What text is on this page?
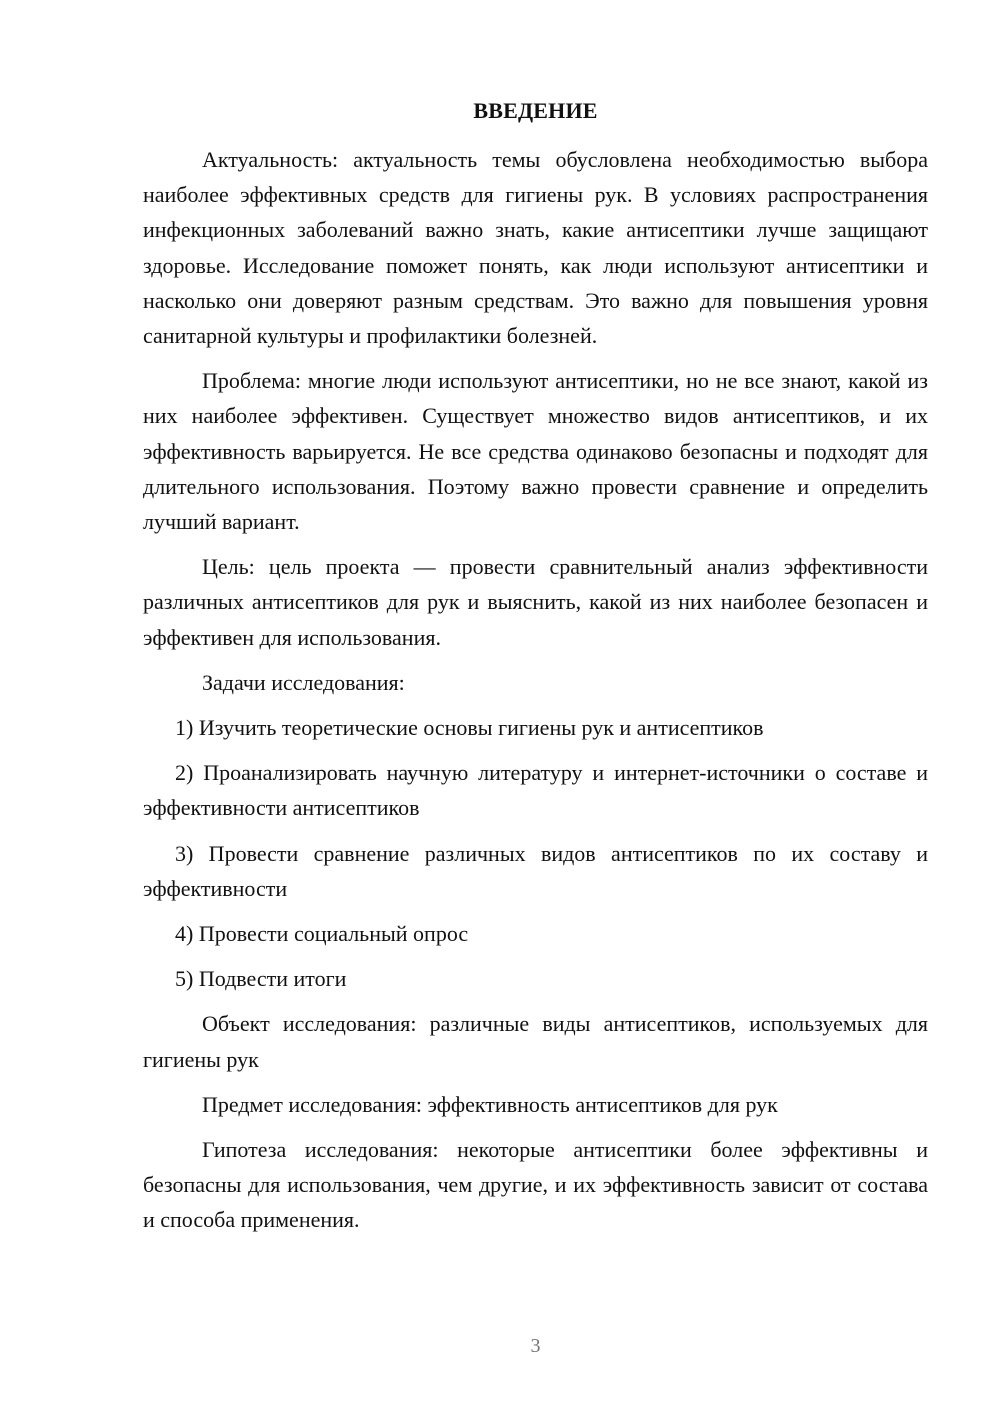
ВВЕДЕНИЕ

Актуальность: актуальность темы обусловлена необходимостью выбора наиболее эффективных средств для гигиены рук. В условиях распространения инфекционных заболеваний важно знать, какие антисептики лучше защищают здоровье. Исследование поможет понять, как люди используют антисептики и насколько они доверяют разным средствам. Это важно для повышения уровня санитарной культуры и профилактики болезней.

Проблема: многие люди используют антисептики, но не все знают, какой из них наиболее эффективен. Существует множество видов антисептиков, и их эффективность варьируется. Не все средства одинаково безопасны и подходят для длительного использования. Поэтому важно провести сравнение и определить лучший вариант.

Цель: цель проекта — провести сравнительный анализ эффективности различных антисептиков для рук и выяснить, какой из них наиболее безопасен и эффективен для использования.

Задачи исследования:

1) Изучить теоретические основы гигиены рук и антисептиков

2) Проанализировать научную литературу и интернет-источники о составе и эффективности антисептиков

3) Провести сравнение различных видов антисептиков по их составу и эффективности

4) Провести социальный опрос

5) Подвести итоги

Объект исследования: различные виды антисептиков, используемых для гигиены рук

Предмет исследования: эффективность антисептиков для рук

Гипотеза исследования: некоторые антисептики более эффективны и безопасны для использования, чем другие, и их эффективность зависит от состава и способа применения.

3
